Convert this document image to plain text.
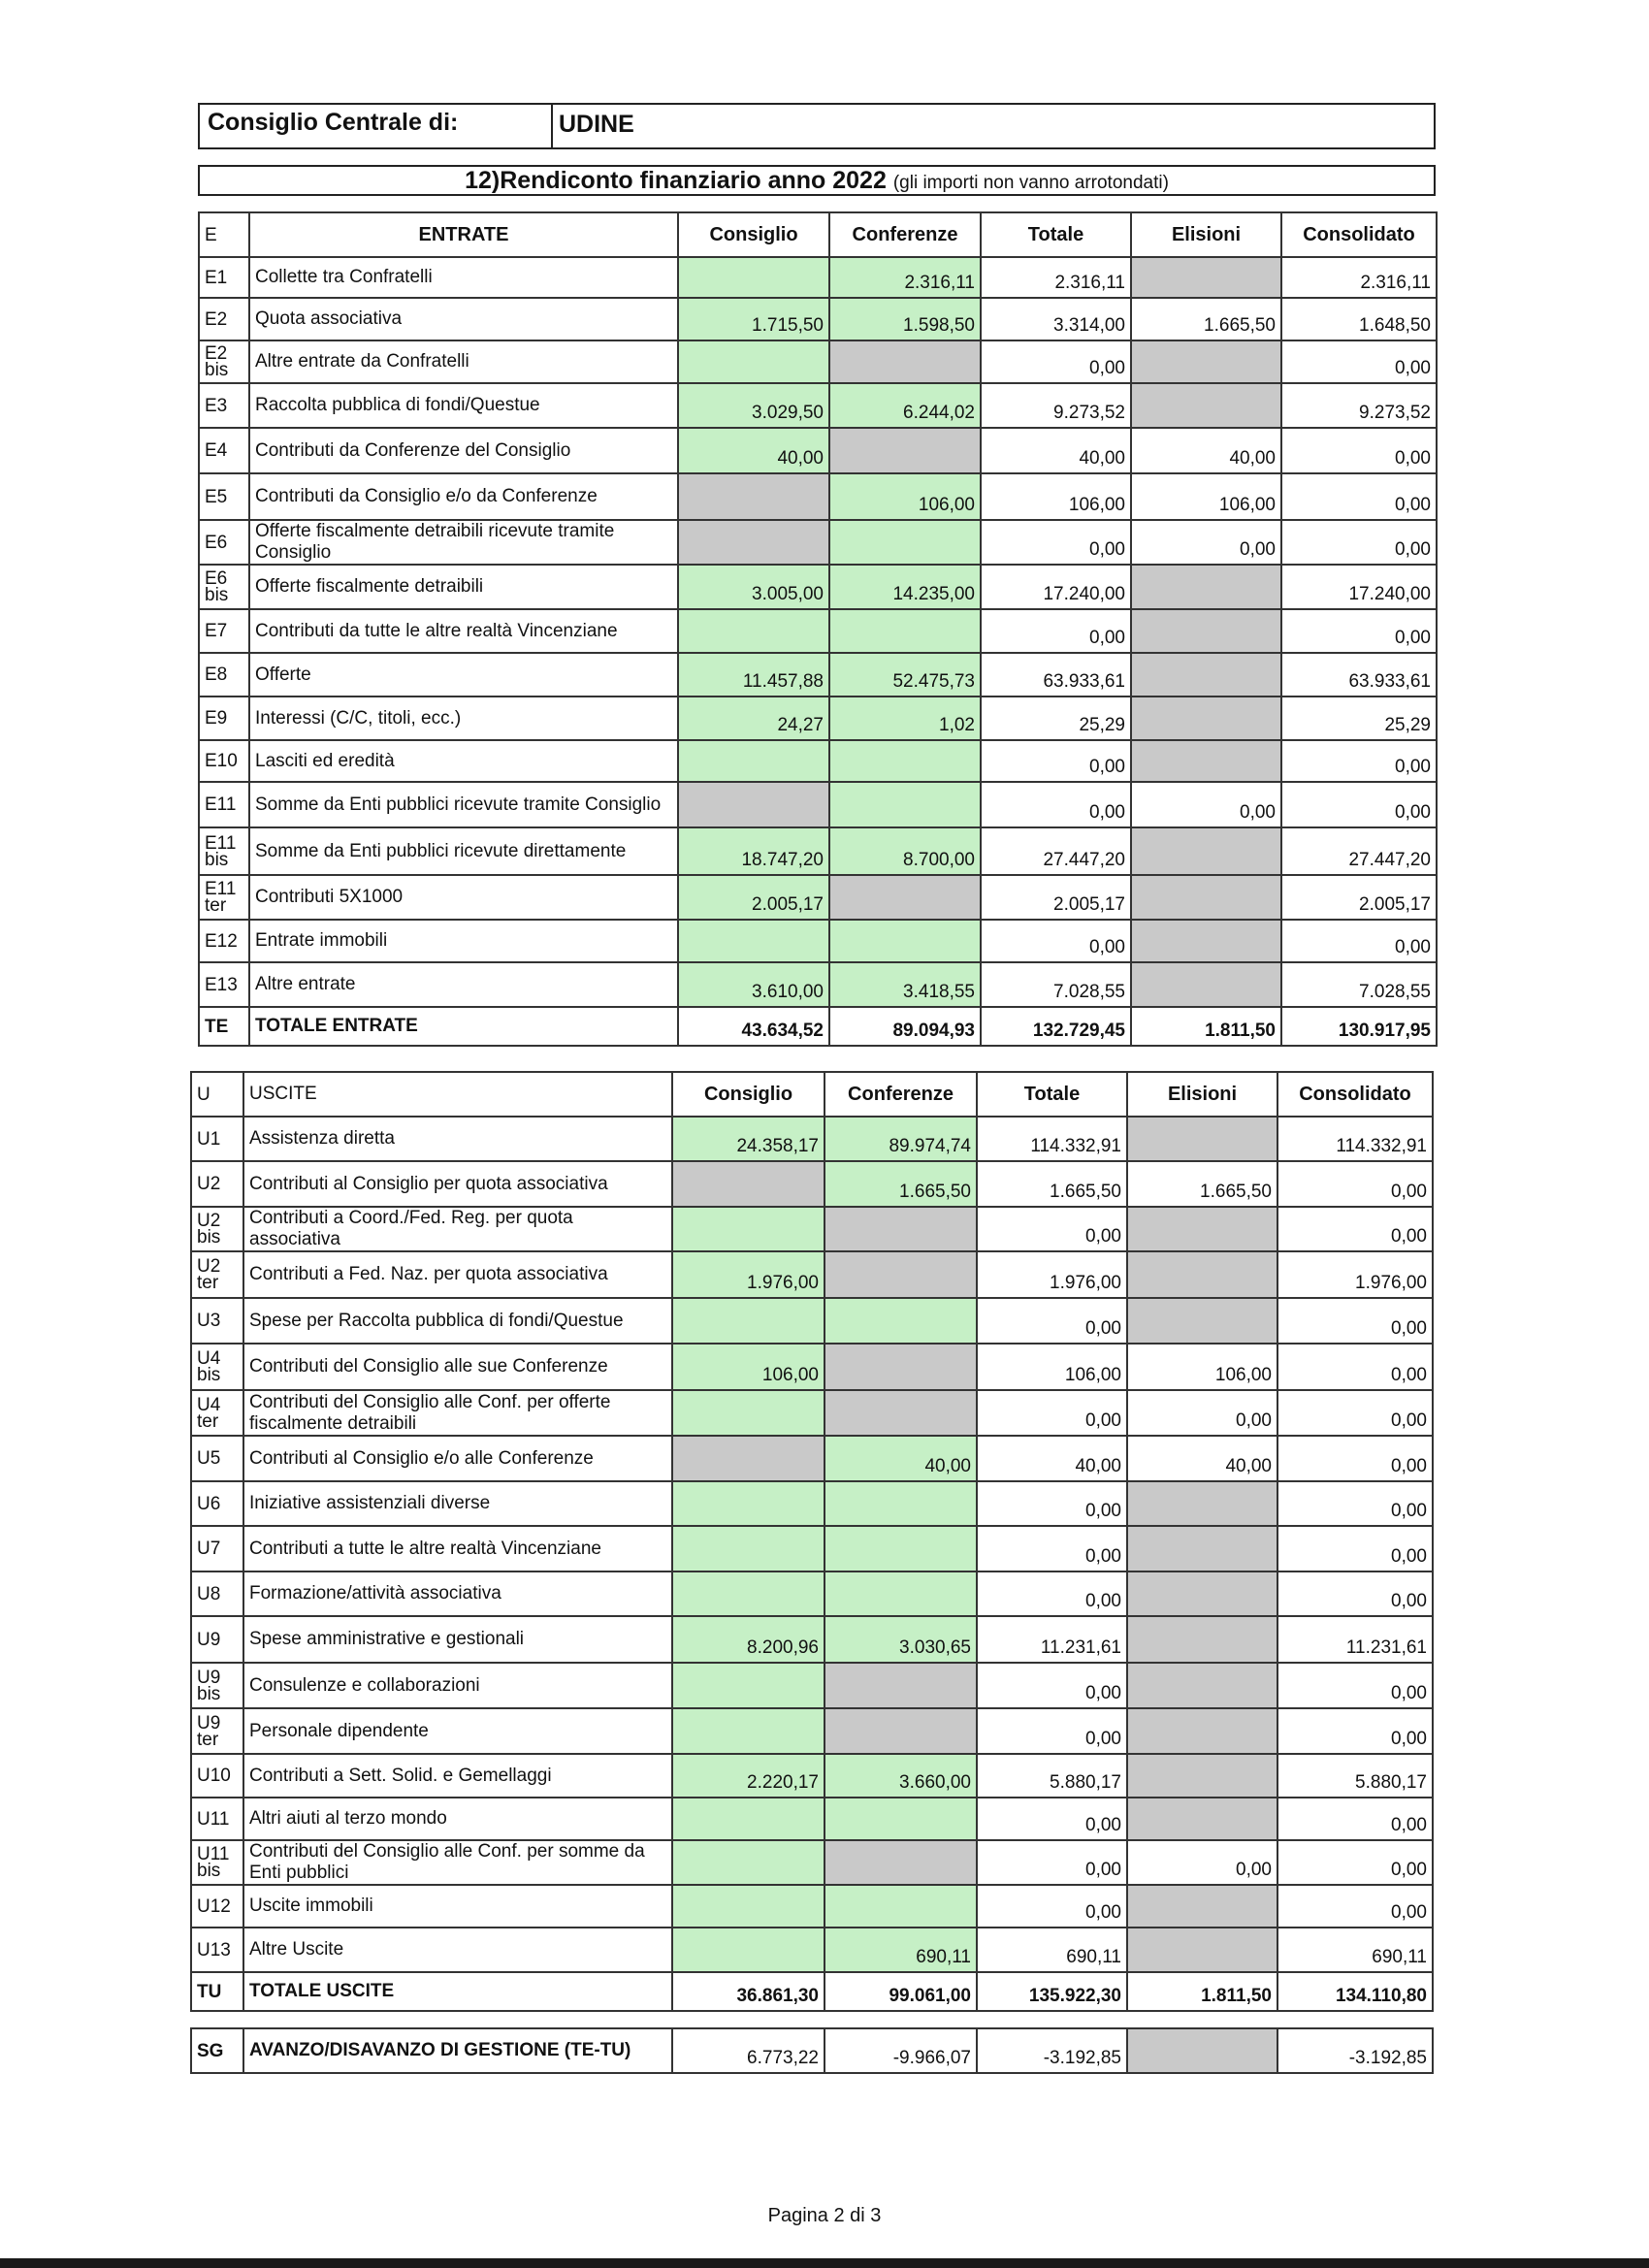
Consiglio Centrale di:	UDINE
12)Rendiconto finanziario anno 2022 (gli importi non vanno arrotondati)
E	ENTRATE	Consiglio	Conferenze	Totale	Elisioni	Consolidato
E1	Collette tra Confratelli		2.316,11	2.316,11		2.316,11
E2	Quota associativa	1.715,50	1.598,50	3.314,00	1.665,50	1.648,50
E2 bis	Altre entrate da Confratelli			0,00		0,00
E3	Raccolta pubblica di fondi/Questue	3.029,50	6.244,02	9.273,52		9.273,52
E4	Contributi da Conferenze del Consiglio	40,00		40,00	40,00	0,00
E5	Contributi da Consiglio e/o da Conferenze		106,00	106,00	106,00	0,00
E6	Offerte fiscalmente detraibili ricevute tramite Consiglio			0,00	0,00	0,00
E6 bis	Offerte fiscalmente detraibili	3.005,00	14.235,00	17.240,00		17.240,00
E7	Contributi da tutte le altre realtà Vincenziane			0,00		0,00
E8	Offerte	11.457,88	52.475,73	63.933,61		63.933,61
E9	Interessi (C/C, titoli, ecc.)	24,27	1,02	25,29		25,29
E10	Lasciti ed eredità			0,00		0,00
E11	Somme da Enti pubblici ricevute tramite Consiglio			0,00	0,00	0,00
E11 bis	Somme da Enti pubblici ricevute direttamente	18.747,20	8.700,00	27.447,20		27.447,20
E11 ter	Contributi 5X1000	2.005,17		2.005,17		2.005,17
E12	Entrate immobili			0,00		0,00
E13	Altre entrate	3.610,00	3.418,55	7.028,55		7.028,55
TE	TOTALE ENTRATE	43.634,52	89.094,93	132.729,45	1.811,50	130.917,95
U	USCITE	Consiglio	Conferenze	Totale	Elisioni	Consolidato
U1	Assistenza diretta	24.358,17	89.974,74	114.332,91		114.332,91
U2	Contributi al Consiglio per quota associativa		1.665,50	1.665,50	1.665,50	0,00
U2 bis	Contributi a Coord./Fed. Reg. per quota associativa			0,00		0,00
U2 ter	Contributi a Fed. Naz. per quota associativa	1.976,00		1.976,00		1.976,00
U3	Spese per Raccolta pubblica di fondi/Questue			0,00		0,00
U4 bis	Contributi del Consiglio alle sue Conferenze	106,00		106,00	106,00	0,00
U4 ter	Contributi del Consiglio alle Conf. per offerte fiscalmente detraibili			0,00	0,00	0,00
U5	Contributi al Consiglio e/o alle Conferenze		40,00	40,00	40,00	0,00
U6	Iniziative assistenziali diverse			0,00		0,00
U7	Contributi a tutte le altre realtà Vincenziane			0,00		0,00
U8	Formazione/attività associativa			0,00		0,00
U9	Spese amministrative e gestionali	8.200,96	3.030,65	11.231,61		11.231,61
U9 bis	Consulenze e collaborazioni			0,00		0,00
U9 ter	Personale dipendente			0,00		0,00
U10	Contributi a Sett. Solid. e Gemellaggi	2.220,17	3.660,00	5.880,17		5.880,17
U11	Altri aiuti al terzo mondo			0,00		0,00
U11 bis	Contributi del Consiglio alle Conf. per somme da Enti pubblici			0,00	0,00	0,00
U12	Uscite immobili			0,00		0,00
U13	Altre Uscite		690,11	690,11		690,11
TU	TOTALE USCITE	36.861,30	99.061,00	135.922,30	1.811,50	134.110,80
SG	AVANZO/DISAVANZO DI GESTIONE (TE-TU)	6.773,22	-9.966,07	-3.192,85		-3.192,85
Pagina 2 di 3
